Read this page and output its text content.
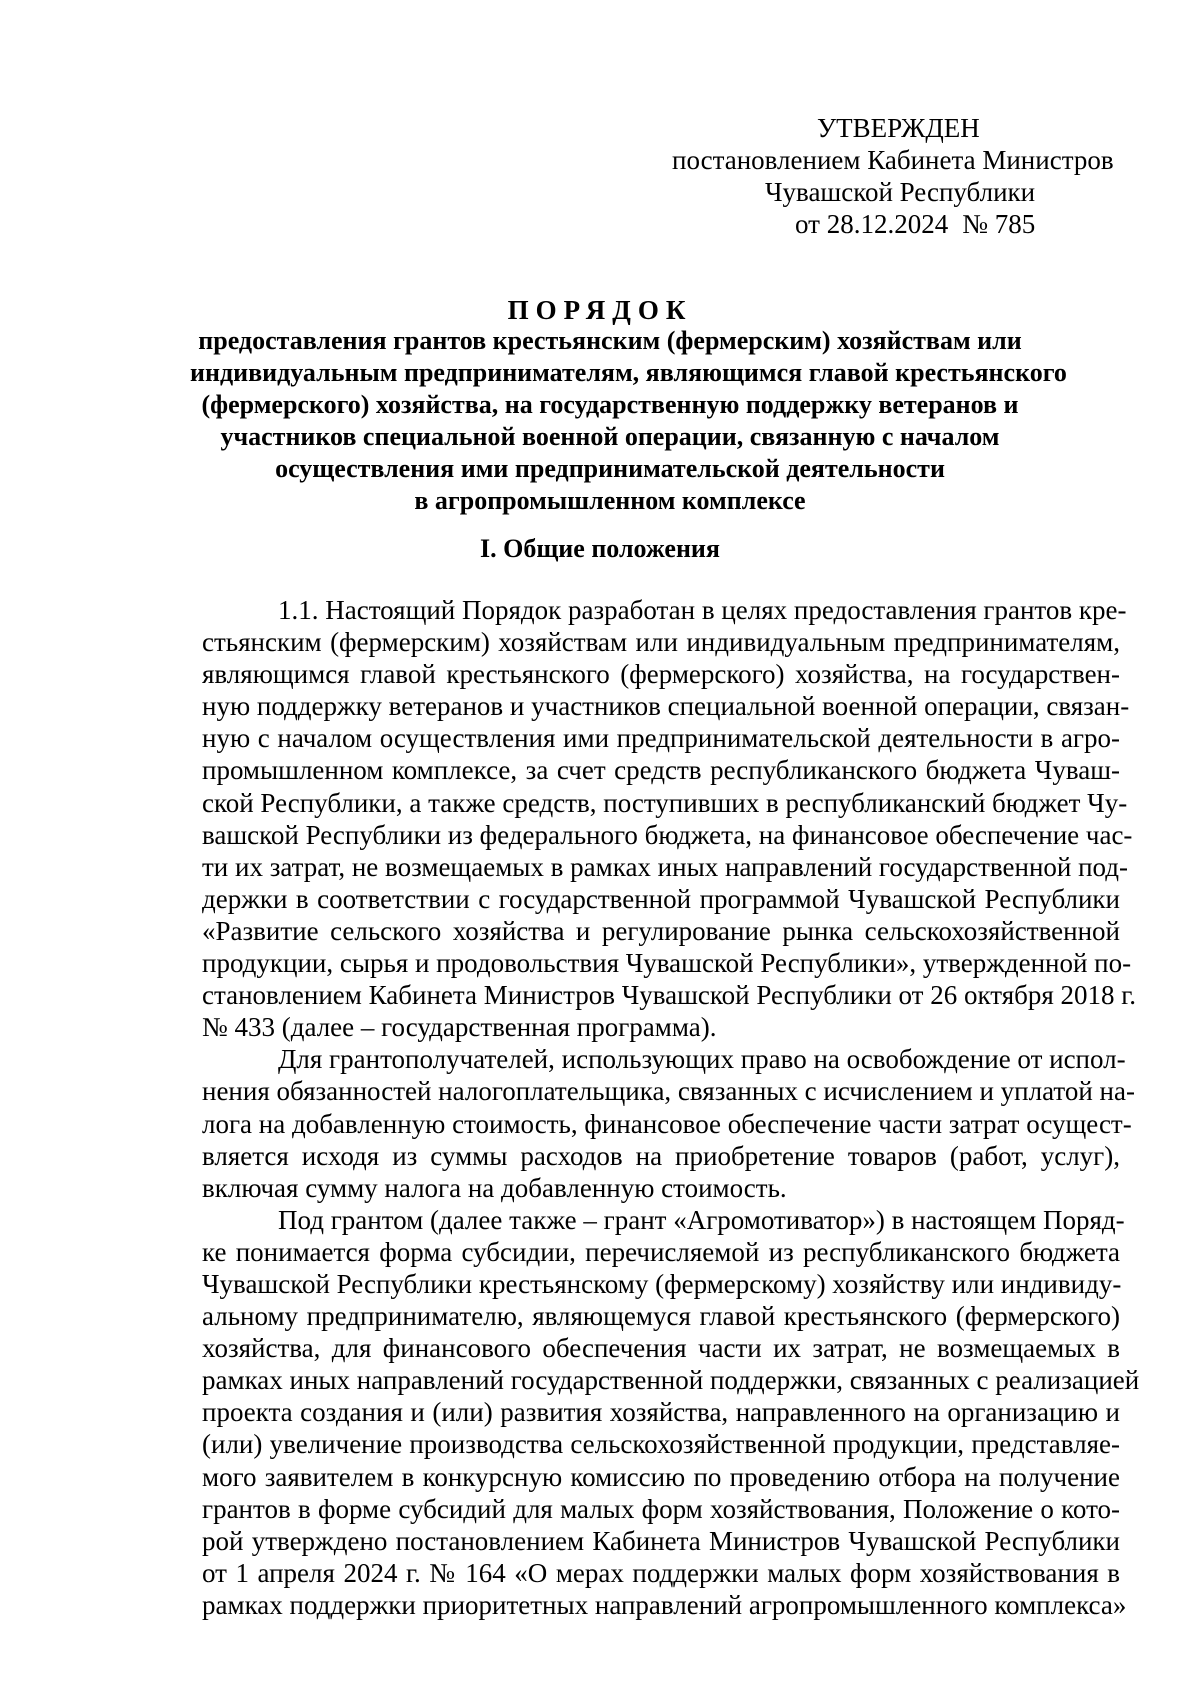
УТВЕРЖДЕН
постановлением Кабинета Министров
Чувашской Республики
от 28.12.2024 № 785
ПОРЯДОК
предоставления грантов крестьянским (фермерским) хозяйствам или
индивидуальным предпринимателям, являющимся главой крестьянского
(фермерского) хозяйства, на государственную поддержку ветеранов и
участников специальной военной операции, связанную с началом
осуществления ими предпринимательской деятельности
в агропромышленном комплексе
I. Общие положения
1.1. Настоящий Порядок разработан в целях предоставления грантов кре-
стьянским (фермерским) хозяйствам или индивидуальным предпринимателям,
являющимся главой крестьянского (фермерского) хозяйства, на государствен-
ную поддержку ветеранов и участников специальной военной операции, связан-
ную с началом осуществления ими предпринимательской деятельности в агро-
промышленном комплексе, за счет средств республиканского бюджета Чуваш-
ской Республики, а также средств, поступивших в республиканский бюджет Чу-
вашской Республики из федерального бюджета, на финансовое обеспечение час-
ти их затрат, не возмещаемых в рамках иных направлений государственной под-
держки в соответствии с государственной программой Чувашской Республики
«Развитие сельского хозяйства и регулирование рынка сельскохозяйственной
продукции, сырья и продовольствия Чувашской Республики», утвержденной по-
становлением Кабинета Министров Чувашской Республики от 26 октября 2018 г.
№ 433 (далее – государственная программа).
Для грантополучателей, использующих право на освобождение от испол-
нения обязанностей налогоплательщика, связанных с исчислением и уплатой на-
лога на добавленную стоимость, финансовое обеспечение части затрат осущест-
вляется исходя из суммы расходов на приобретение товаров (работ, услуг),
включая сумму налога на добавленную стоимость.
Под грантом (далее также – грант «Агромотиватор») в настоящем Поряд-
ке понимается форма субсидии, перечисляемой из республиканского бюджета
Чувашской Республики крестьянскому (фермерскому) хозяйству или индивиду-
альному предпринимателю, являющемуся главой крестьянского (фермерского)
хозяйства, для финансового обеспечения части их затрат, не возмещаемых в
рамках иных направлений государственной поддержки, связанных с реализацией
проекта создания и (или) развития хозяйства, направленного на организацию и
(или) увеличение производства сельскохозяйственной продукции, представляе-
мого заявителем в конкурсную комиссию по проведению отбора на получение
грантов в форме субсидий для малых форм хозяйствования, Положение о кото-
рой утверждено постановлением Кабинета Министров Чувашской Республики
от 1 апреля 2024 г. № 164 «О мерах поддержки малых форм хозяйствования в
рамках поддержки приоритетных направлений агропромышленного комплекса»
